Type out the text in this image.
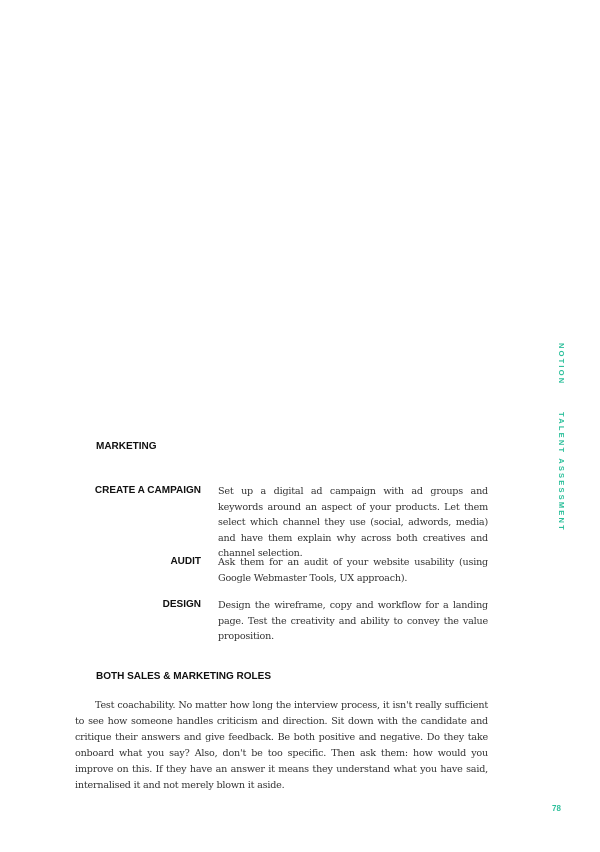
MARKETING
CREATE A CAMPAIGN Set up a digital ad campaign with ad groups and keywords around an aspect of your products. Let them select which channel they use (social, adwords, media) and have them explain why across both creatives and channel selection.
AUDIT Ask them for an audit of your website usability (using Google Webmaster Tools, UX approach).
DESIGN Design the wireframe, copy and workflow for a landing page. Test the creativity and ability to convey the value proposition.
BOTH SALES & MARKETING ROLES
Test coachability. No matter how long the interview process, it isn't really sufficient to see how someone handles criticism and direction. Sit down with the candidate and critique their answers and give feedback. Be both positive and negative. Do they take onboard what you say? Also, don't be too specific. Then ask them: how would you improve on this. If they have an answer it means they understand what you have said, internalised it and not merely blown it aside.
NOTION
TALENT ASSESSMENT
78
